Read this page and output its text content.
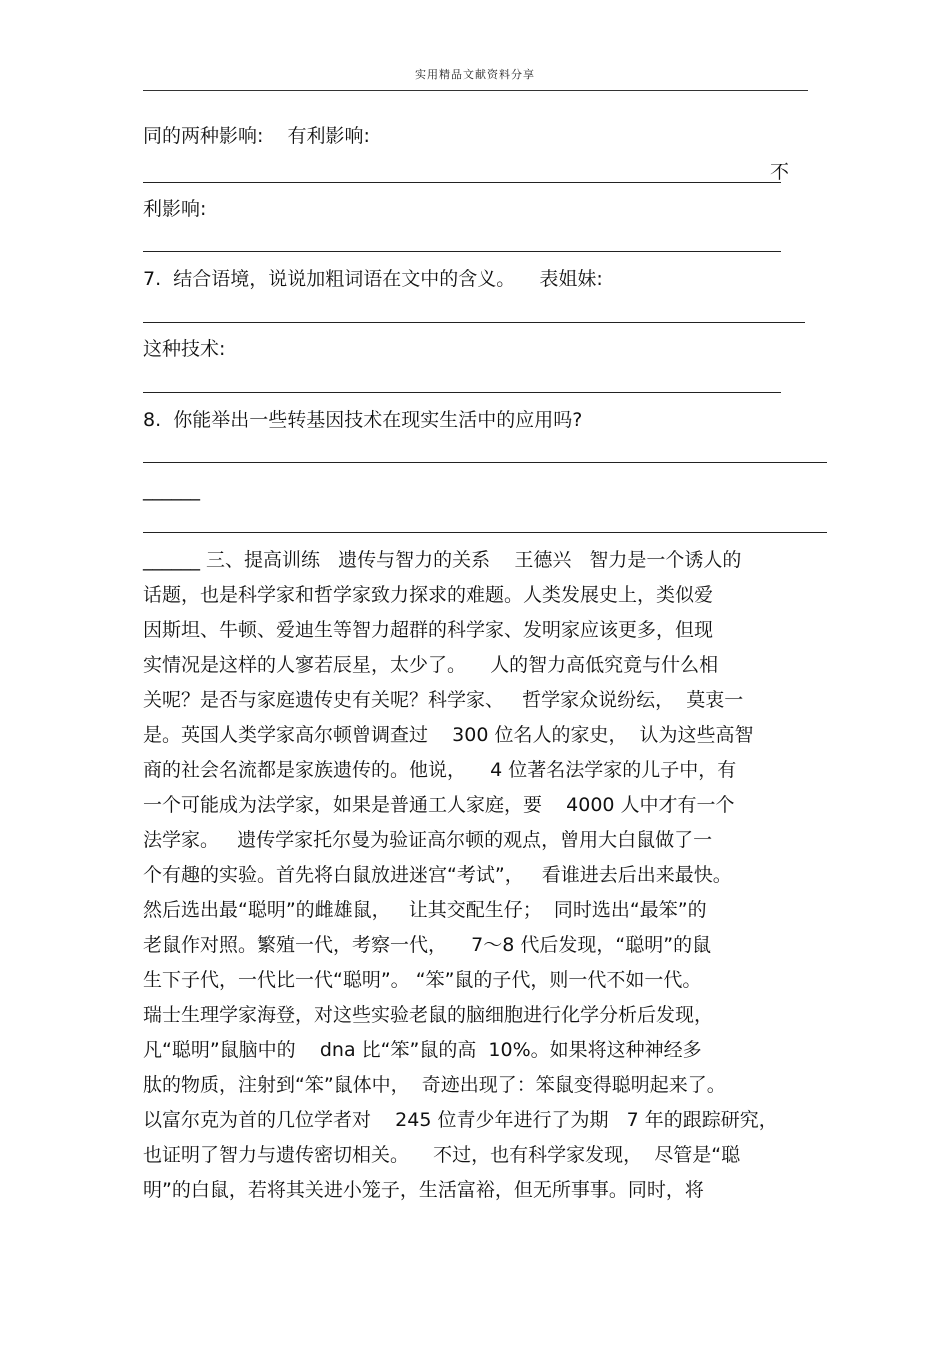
实用精品文献资料分享
同的两种影响:    有利影响:
不
利影响:
7.  结合语境，说说加粗词语在文中的含义。    表姐妹:
这种技术:
8.  你能举出一些转基因技术在现实生活中的应用吗?
______
______ 三、提高训练   遗传与智力的关系    王德兴   智力是一个诱人的
话题，也是科学家和哲学家致力探求的难题。人类发展史上，类似爱
因斯坦、牛顿、爱迪生等智力超群的科学家、发明家应该更多，但现
实情况是这样的人寥若辰星，太少了。    人的智力高低究竟与什么相
关呢？是否与家庭遗传史有关呢？科学家、   哲学家众说纷纭，  莫衷一
是。英国人类学家高尔顿曾调查过    300 位名人的家史，  认为这些高智
商的社会名流都是家族遗传的。他说，    4 位著名法学家的儿子中，有
一个可能成为法学家，如果是普通工人家庭，要    4000 人中才有一个
法学家。   遗传学家托尔曼为验证高尔顿的观点，曾用大白鼠做了一
个有趣的实验。首先将白鼠放进迷宫“考试”，   看谁进去后出来最快。
然后选出最“聪明”的雌雄鼠，   让其交配生仔；  同时选出“最笨”的
老鼠作对照。繁殖一代，考察一代，    7～8 代后发现，“聪明”的鼠
生下子代，一代比一代“聪明”。 “笨”鼠的子代，则一代不如一代。
瑞士生理学家海登，对这些实验老鼠的脑细胞进行化学分析后发现，
凡“聪明”鼠脑中的    dna 比“笨”鼠的高  10%。如果将这种神经多
肽的物质，注射到“笨”鼠体中，  奇迹出现了：笨鼠变得聪明起来了。
以富尔克为首的几位学者对    245 位青少年进行了为期   7 年的跟踪研究，
也证明了智力与遗传密切相关。    不过，也有科学家发现，  尽管是“聪
明”的白鼠，若将其关进小笼子，生活富裕，但无所事事。同时，将
